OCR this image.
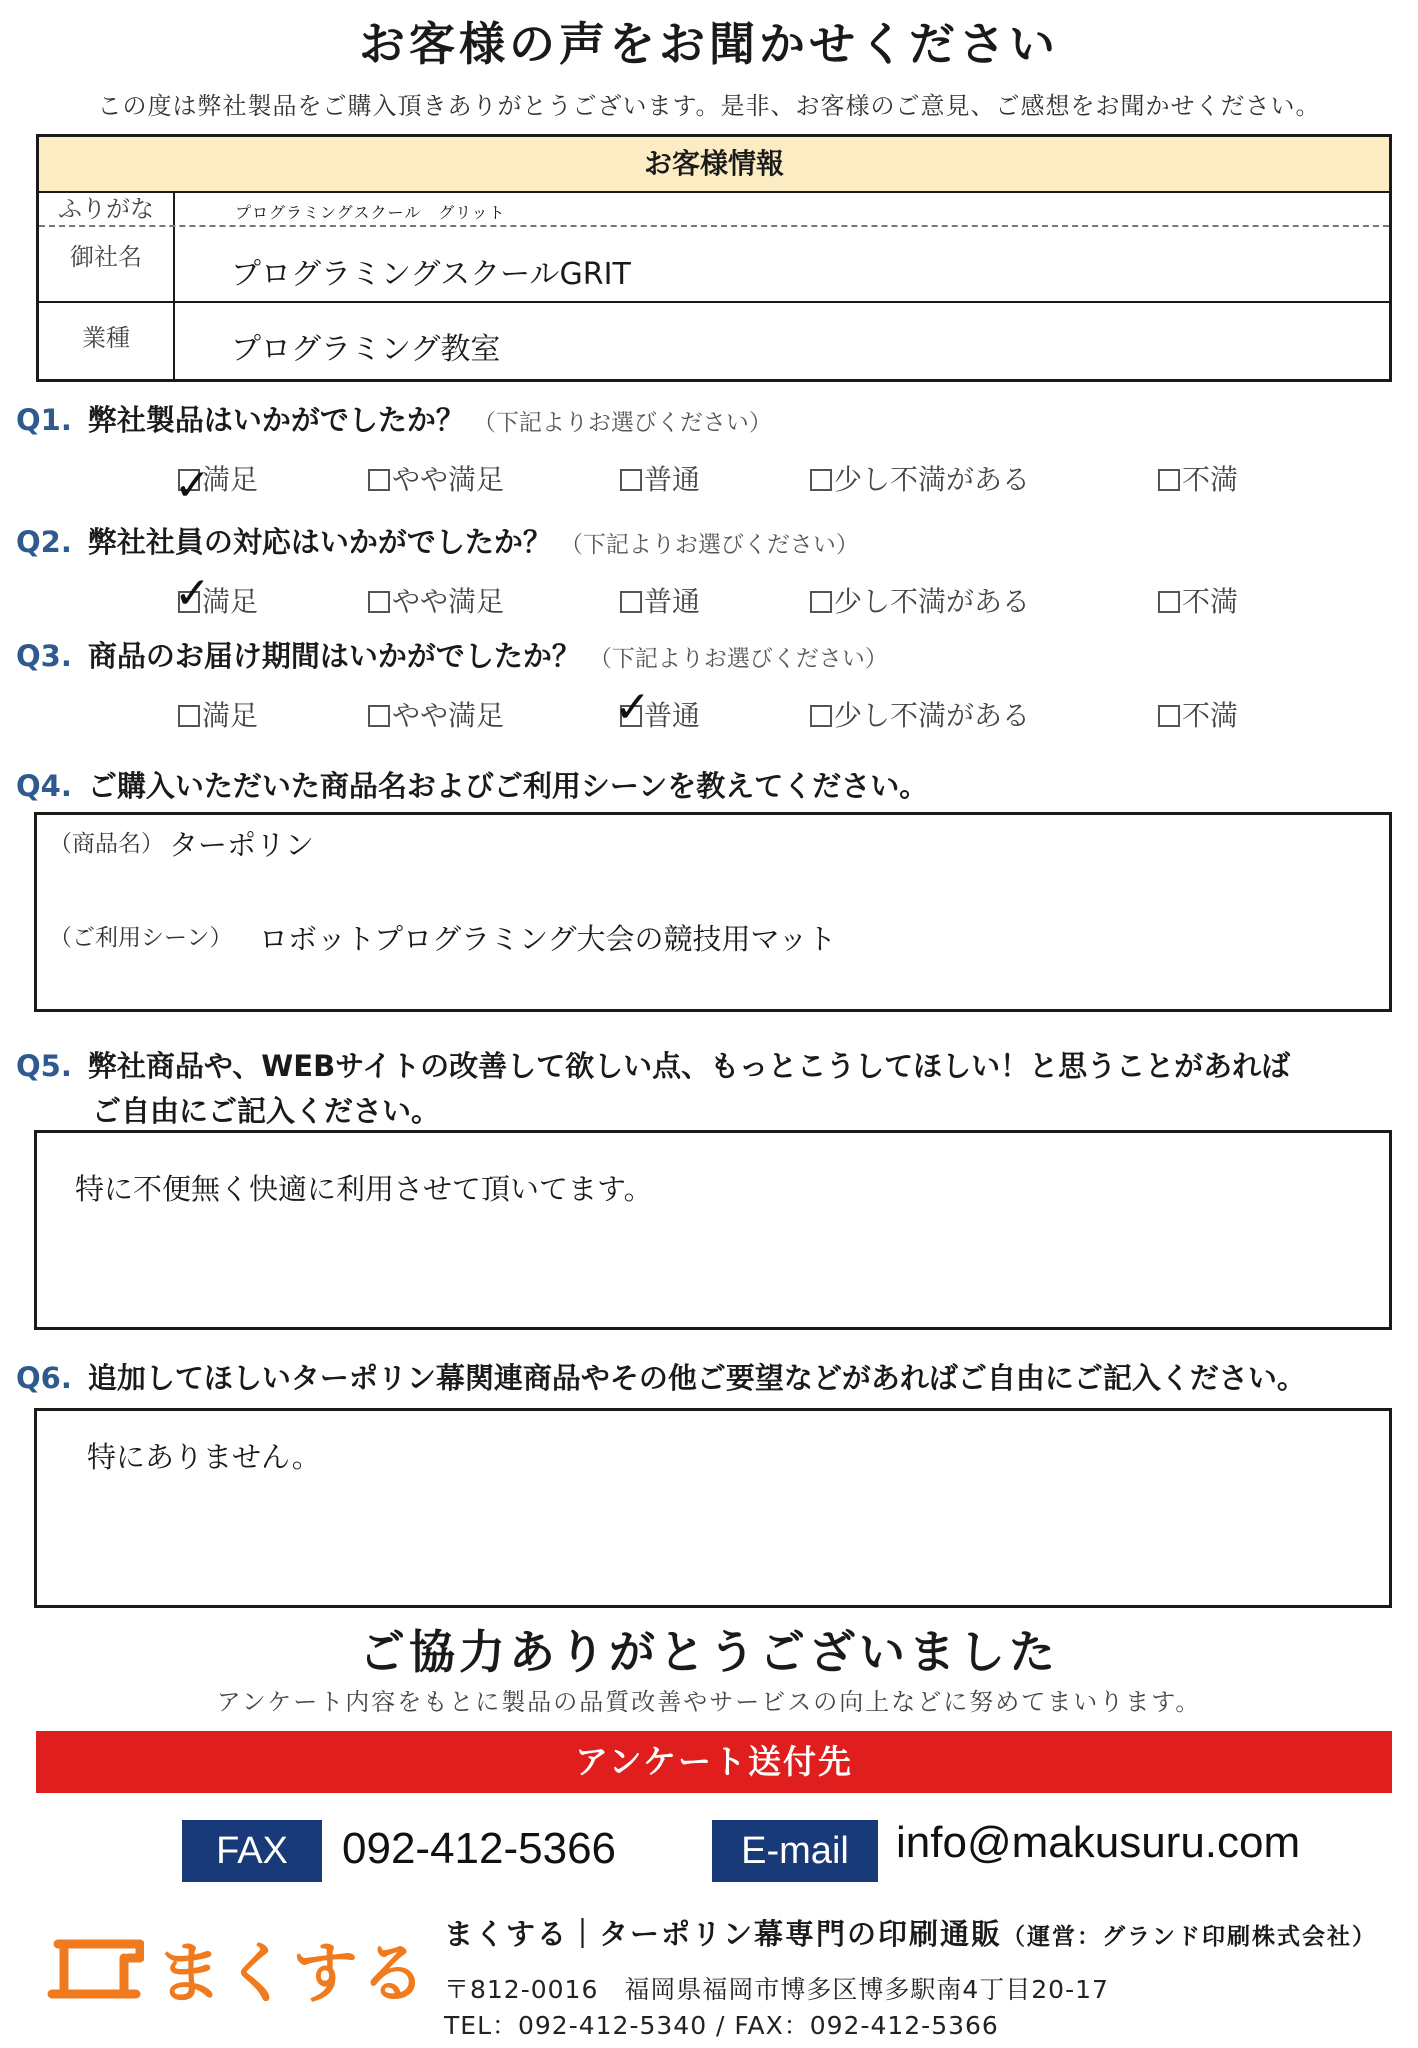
お客様の声をお聞かせください
この度は弊社製品をご購入頂きありがとうございます。是非、お客様のご意見、ご感想をお聞かせください。
お客様情報
ふりがな	プログラミングスクール　グリット
御社名	プログラミングスクールGRIT
業種	プログラミング教室
Q1. 弊社製品はいかがでしたか？ （下記よりお選びください）
満足	やや満足	普通	少し不満がある	不満
✓
Q2. 弊社社員の対応はいかがでしたか？ （下記よりお選びください）
満足	やや満足	普通	少し不満がある	不満
✓
Q3. 商品のお届け期間はいかがでしたか？ （下記よりお選びください）
満足	やや満足	普通	少し不満がある	不満
✓
Q4. ご購入いただいた商品名およびご利用シーンを教えてください。
（商品名） ターポリン
（ご利用シーン） ロボットプログラミング大会の競技用マット
Q5. 弊社商品や、WEBサイトの改善して欲しい点、もっとこうしてほしい！と思うことがあれば
ご自由にご記入ください。
特に不便無く快適に利用させて頂いてます。
Q6. 追加してほしいターポリン幕関連商品やその他ご要望などがあればご自由にご記入ください。
特にありません。
ご協力ありがとうございました
アンケート内容をもとに製品の品質改善やサービスの向上などに努めてまいります。
アンケート送付先
FAX	092-412-5366	E-mail	info@makusuru.com
まくする
まくする｜ターポリン幕専門の印刷通販（運営：グランド印刷株式会社）
〒812-0016　福岡県福岡市博多区博多駅南4丁目20-17
TEL：092-412-5340 / FAX：092-412-5366
